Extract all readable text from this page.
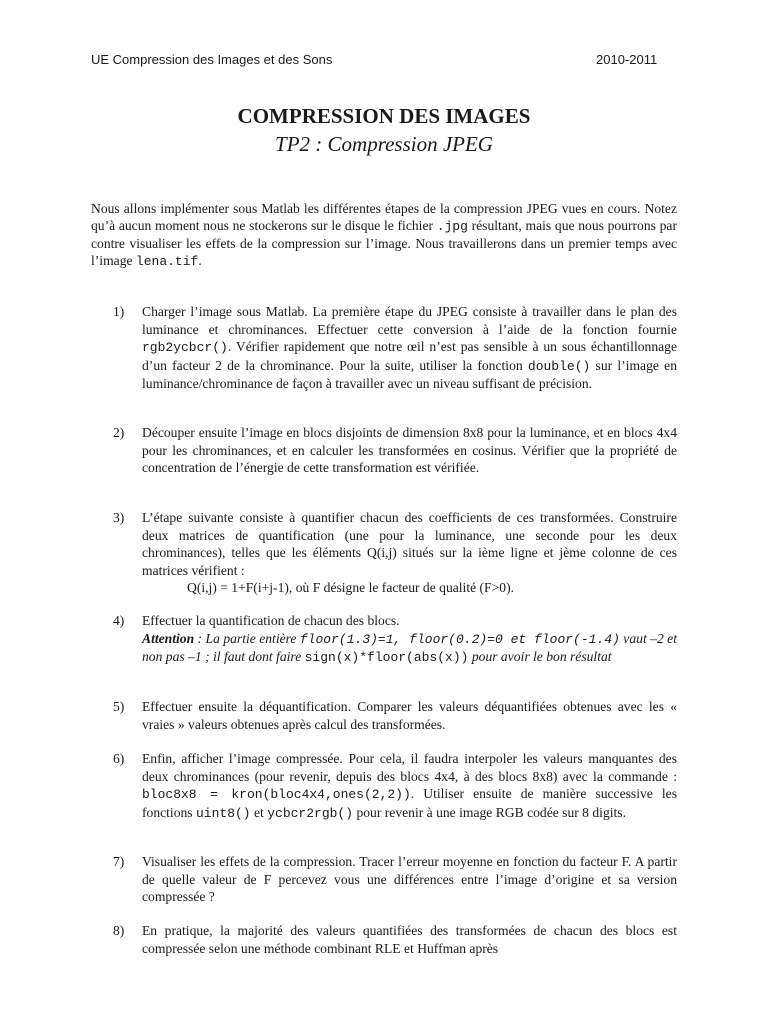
UE Compression des Images et des Sons	2010-2011
COMPRESSION DES IMAGES
TP2 : Compression JPEG
Nous allons implémenter sous Matlab les différentes étapes de la compression JPEG vues en cours. Notez qu’à aucun moment nous ne stockerons sur le disque le fichier .jpg résultant, mais que nous pourrons par contre visualiser les effets de la compression sur l’image. Nous travaillerons dans un premier temps avec l’image lena.tif.
1)	Charger l’image sous Matlab. La première étape du JPEG consiste à travailler dans le plan des luminance et chrominances. Effectuer cette conversion à l’aide de la fonction fournie rgb2ycbcr(). Vérifier rapidement que notre œil n’est pas sensible à un sous échantillonnage d’un facteur 2 de la chrominance. Pour la suite, utiliser la fonction double() sur l’image en luminance/chrominance de façon à travailler avec un niveau suffisant de précision.
2)	Découper ensuite l’image en blocs disjoints de dimension 8x8 pour la luminance, et en blocs 4x4 pour les chrominances, et en calculer les transformées en cosinus. Vérifier que la propriété de concentration de l’énergie de cette transformation est vérifiée.
3)	L’étape suivante consiste à quantifier chacun des coefficients de ces transformées. Construire deux matrices de quantification (une pour la luminance, une seconde pour les deux chrominances), telles que les éléments Q(i,j) situés sur la ième ligne et jème colonne de ces matrices vérifient :
Q(i,j) = 1+F(i+j-1), où F désigne le facteur de qualité (F>0).
4)	Effectuer la quantification de chacun des blocs.
Attention : La partie entière floor(1.3)=1, floor(0.2)=0 et floor(-1.4) vaut –2 et non pas –1 ; il faut dont faire sign(x)*floor(abs(x)) pour avoir le bon résultat
5)	Effectuer ensuite la déquantification. Comparer les valeurs déquantifiées obtenues avec les « vraies » valeurs obtenues après calcul des transformées.
6)	Enfin, afficher l’image compressée. Pour cela, il faudra interpoler les valeurs manquantes des deux chrominances (pour revenir, depuis des blocs 4x4, à des blocs 8x8) avec la commande : bloc8x8 = kron(bloc4x4,ones(2,2)). Utiliser ensuite de manière successive les fonctions uint8() et ycbcr2rgb() pour revenir à une image RGB codée sur 8 digits.
7)	Visualiser les effets de la compression. Tracer l’erreur moyenne en fonction du facteur F. A partir de quelle valeur de F percevez vous une différences entre l’image d’origine et sa version compressée ?
8)	En pratique, la majorité des valeurs quantifiées des transformées de chacun des blocs est compressée selon une méthode combinant RLE et Huffman après
